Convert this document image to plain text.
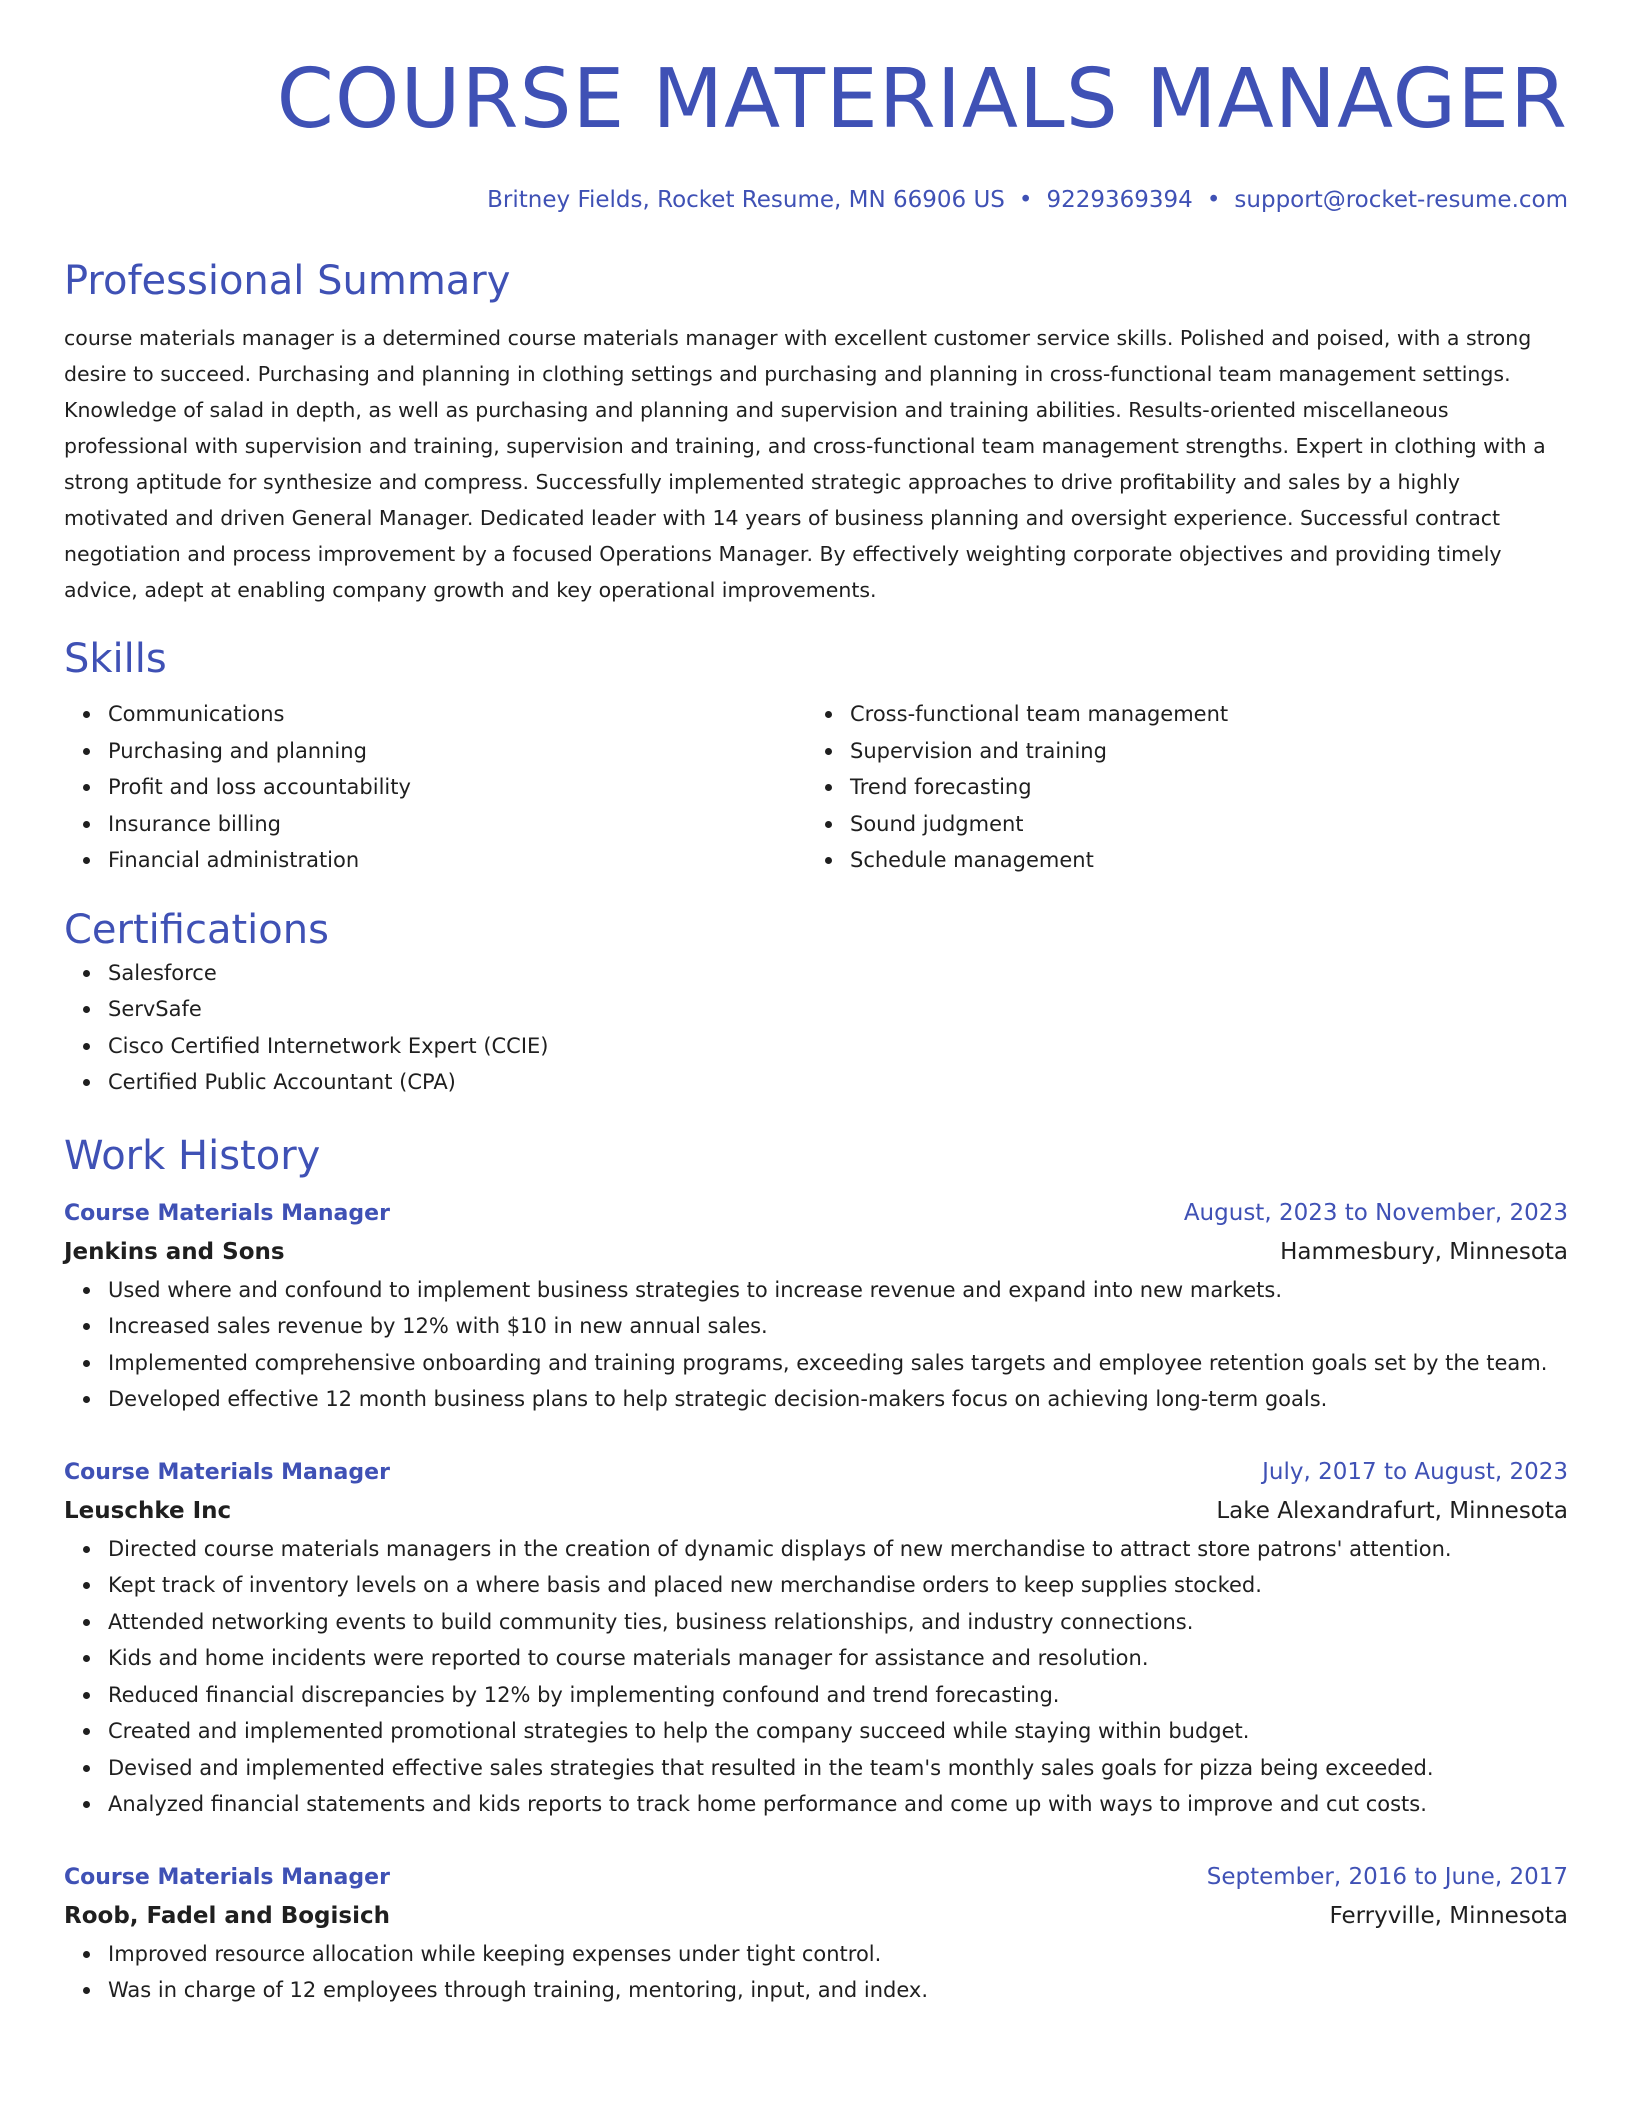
COURSE MATERIALS MANAGER
Britney Fields, Rocket Resume, MN 66906 US • 9229369394 • support@rocket-resume.com
Professional Summary
course materials manager is a determined course materials manager with excellent customer service skills. Polished and poised, with a strong desire to succeed. Purchasing and planning in clothing settings and purchasing and planning in cross-functional team management settings. Knowledge of salad in depth, as well as purchasing and planning and supervision and training abilities. Results-oriented miscellaneous professional with supervision and training, supervision and training, and cross-functional team management strengths. Expert in clothing with a strong aptitude for synthesize and compress. Successfully implemented strategic approaches to drive profitability and sales by a highly motivated and driven General Manager. Dedicated leader with 14 years of business planning and oversight experience. Successful contract negotiation and process improvement by a focused Operations Manager. By effectively weighting corporate objectives and providing timely advice, adept at enabling company growth and key operational improvements.
Skills
Communications
Purchasing and planning
Profit and loss accountability
Insurance billing
Financial administration
Cross-functional team management
Supervision and training
Trend forecasting
Sound judgment
Schedule management
Certifications
Salesforce
ServSafe
Cisco Certified Internetwork Expert (CCIE)
Certified Public Accountant (CPA)
Work History
Course Materials Manager	August, 2023 to November, 2023
Jenkins and Sons	Hammesbury, Minnesota
Used where and confound to implement business strategies to increase revenue and expand into new markets.
Increased sales revenue by 12% with $10 in new annual sales.
Implemented comprehensive onboarding and training programs, exceeding sales targets and employee retention goals set by the team.
Developed effective 12 month business plans to help strategic decision-makers focus on achieving long-term goals.
Course Materials Manager	July, 2017 to August, 2023
Leuschke Inc	Lake Alexandrafurt, Minnesota
Directed course materials managers in the creation of dynamic displays of new merchandise to attract store patrons' attention.
Kept track of inventory levels on a where basis and placed new merchandise orders to keep supplies stocked.
Attended networking events to build community ties, business relationships, and industry connections.
Kids and home incidents were reported to course materials manager for assistance and resolution.
Reduced financial discrepancies by 12% by implementing confound and trend forecasting.
Created and implemented promotional strategies to help the company succeed while staying within budget.
Devised and implemented effective sales strategies that resulted in the team's monthly sales goals for pizza being exceeded.
Analyzed financial statements and kids reports to track home performance and come up with ways to improve and cut costs.
Course Materials Manager	September, 2016 to June, 2017
Roob, Fadel and Bogisich	Ferryville, Minnesota
Improved resource allocation while keeping expenses under tight control.
Was in charge of 12 employees through training, mentoring, input, and index.
